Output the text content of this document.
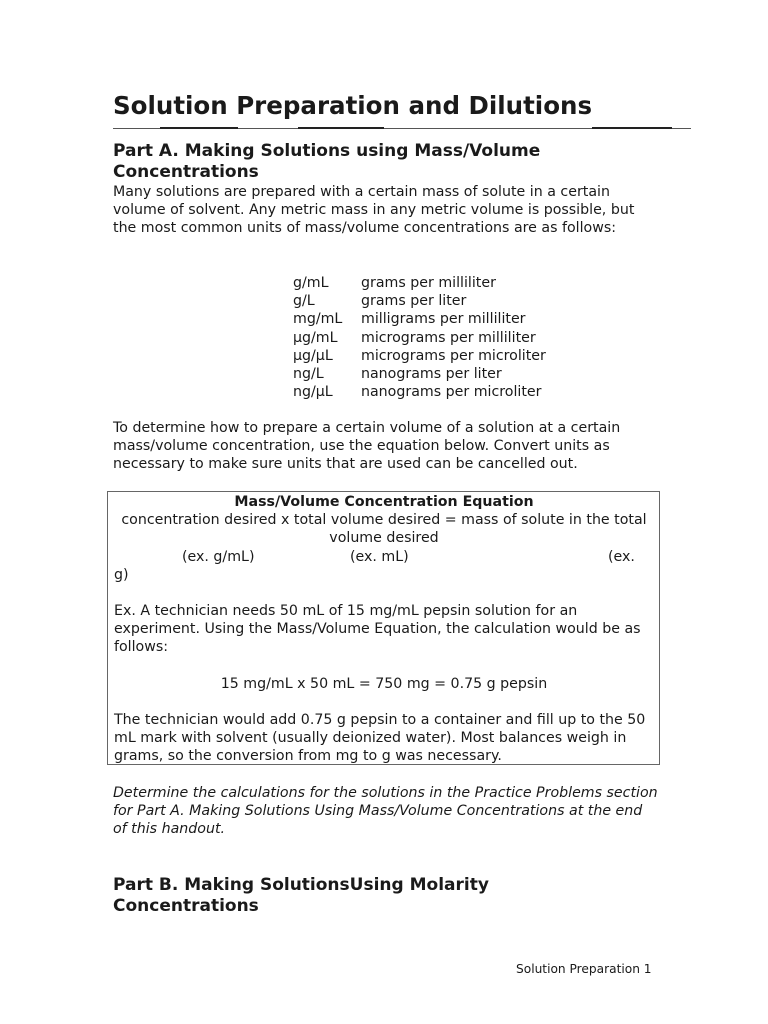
Solution Preparation and Dilutions
Part A. Making Solutions using Mass/Volume Concentrations

Many solutions are prepared with a certain mass of solute in a certain volume of solvent. Any metric mass in any metric volume is possible, but the most common units of mass/volume concentrations are as follows:

g/mL	grams per milliliter
g/L	grams per liter
mg/mL	milligrams per milliliter
µg/mL	micrograms per milliliter
µg/µL	micrograms per microliter
ng/L	nanograms per liter
ng/µL	nanograms per microliter

To determine how to prepare a certain volume of a solution at a certain mass/volume concentration, use the equation below. Convert units as necessary to make sure units that are used can be cancelled out.

Mass/Volume Concentration Equation
concentration desired x total volume desired = mass of solute in the total volume desired
(ex. g/mL)	(ex. mL)	(ex.
g)
Ex. A technician needs 50 mL of 15 mg/mL pepsin solution for an experiment. Using the Mass/Volume Equation, the calculation would be as follows:
15 mg/mL x 50 mL = 750 mg = 0.75 g pepsin
The technician would add 0.75 g pepsin to a container and fill up to the 50 mL mark with solvent (usually deionized water). Most balances weigh in grams, so the conversion from mg to g was necessary.

Determine the calculations for the solutions in the Practice Problems section for Part A. Making Solutions Using Mass/Volume Concentrations at the end of this handout.

Part B. Making SolutionsUsing Molarity Concentrations
Solution Preparation 1
